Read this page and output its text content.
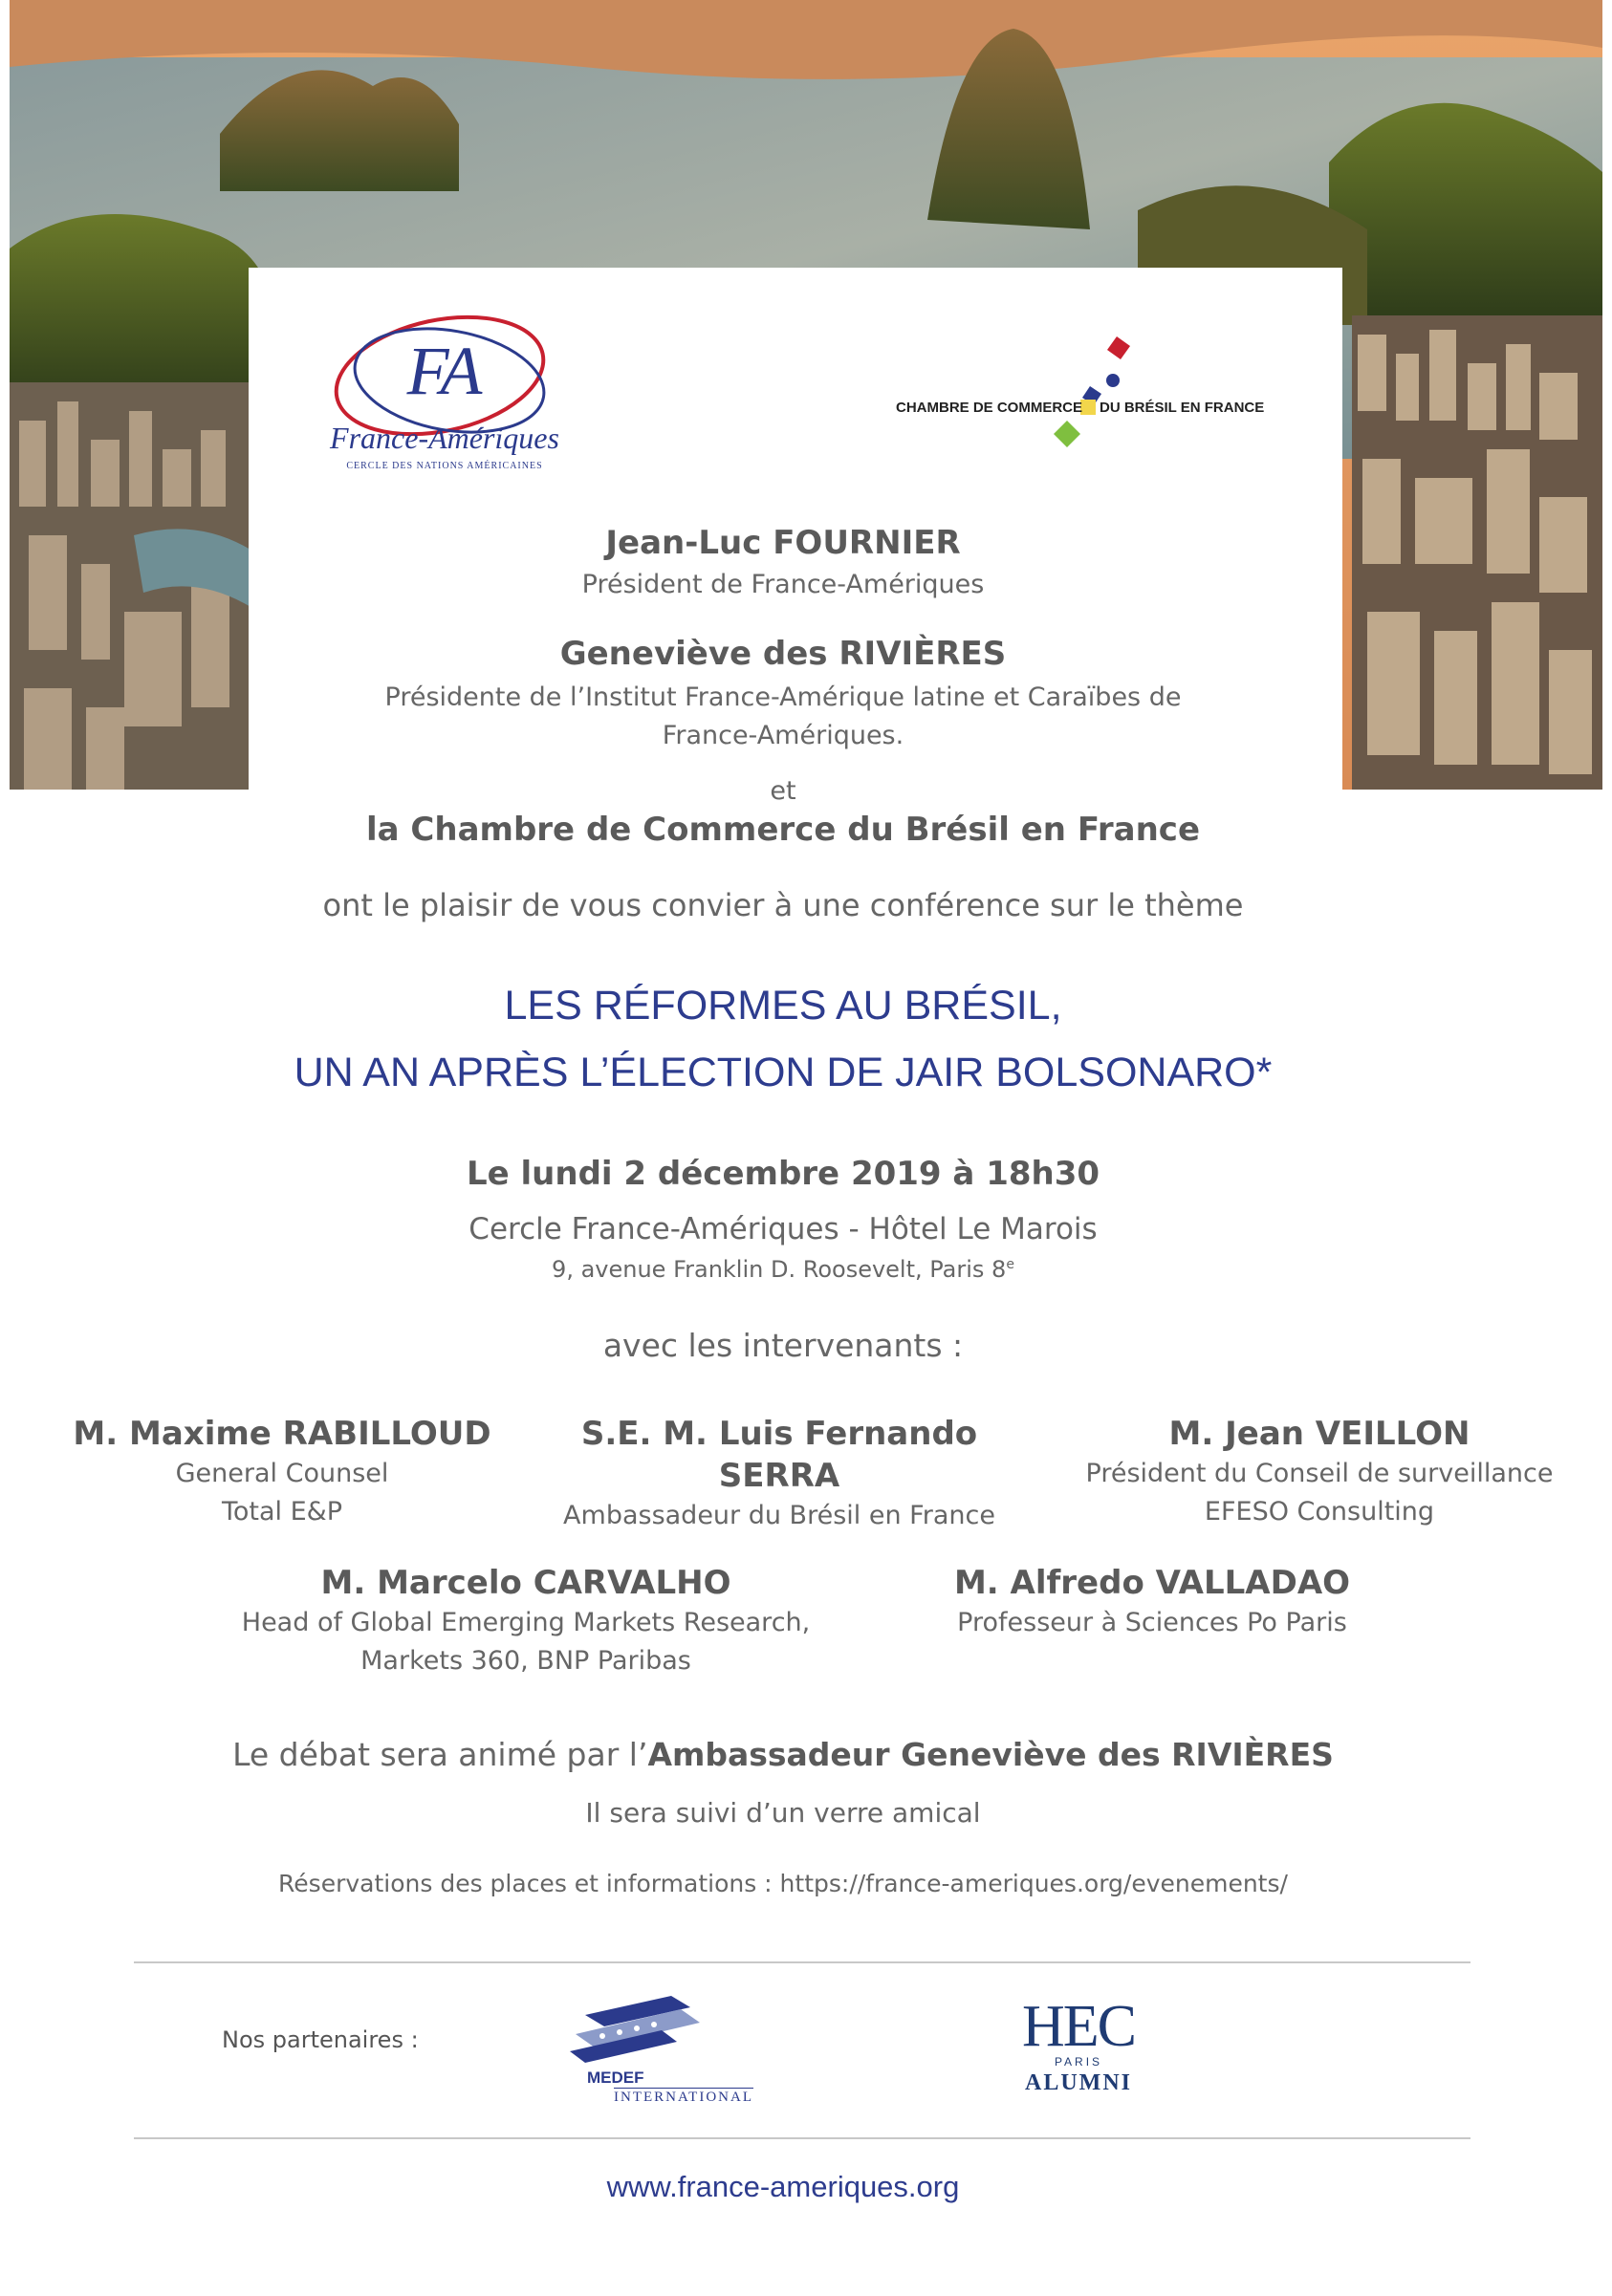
FA
France-Amériques
CERCLE DES NATIONS AMÉRICAINES
CHAMBRE DE COMMERCE DU BRÉSIL EN FRANCE
Jean-Luc FOURNIER
Président de France-Amériques
Geneviève des RIVIÈRES
Présidente de l’Institut France-Amérique latine et Caraïbes de
France-Amériques.
et
la Chambre de Commerce du Brésil en France
ont le plaisir de vous convier à une conférence sur le thème
LES RÉFORMES AU BRÉSIL,
UN AN APRÈS L’ÉLECTION DE JAIR BOLSONARO*
Le lundi 2 décembre 2019 à 18h30
Cercle France-Amériques - Hôtel Le Marois
9, avenue Franklin D. Roosevelt, Paris 8e
avec les intervenants :
M. Maxime RABILLOUD
General Counsel
Total E&P
S.E. M. Luis Fernando SERRA
Ambassadeur du Brésil en France
M. Jean VEILLON
Président du Conseil de surveillance
EFESO Consulting
M. Marcelo CARVALHO
Head of Global Emerging Markets Research,
Markets 360, BNP Paribas
M. Alfredo VALLADAO
Professeur à Sciences Po Paris
Le débat sera animé par l’Ambassadeur Geneviève des RIVIÈRES
Il sera suivi d’un verre amical
Réservations des places et informations : https://france-ameriques.org/evenements/
Nos partenaires :
MEDEF
INTERNATIONAL
HEC
PARIS
ALUMNI
www.france-ameriques.org
